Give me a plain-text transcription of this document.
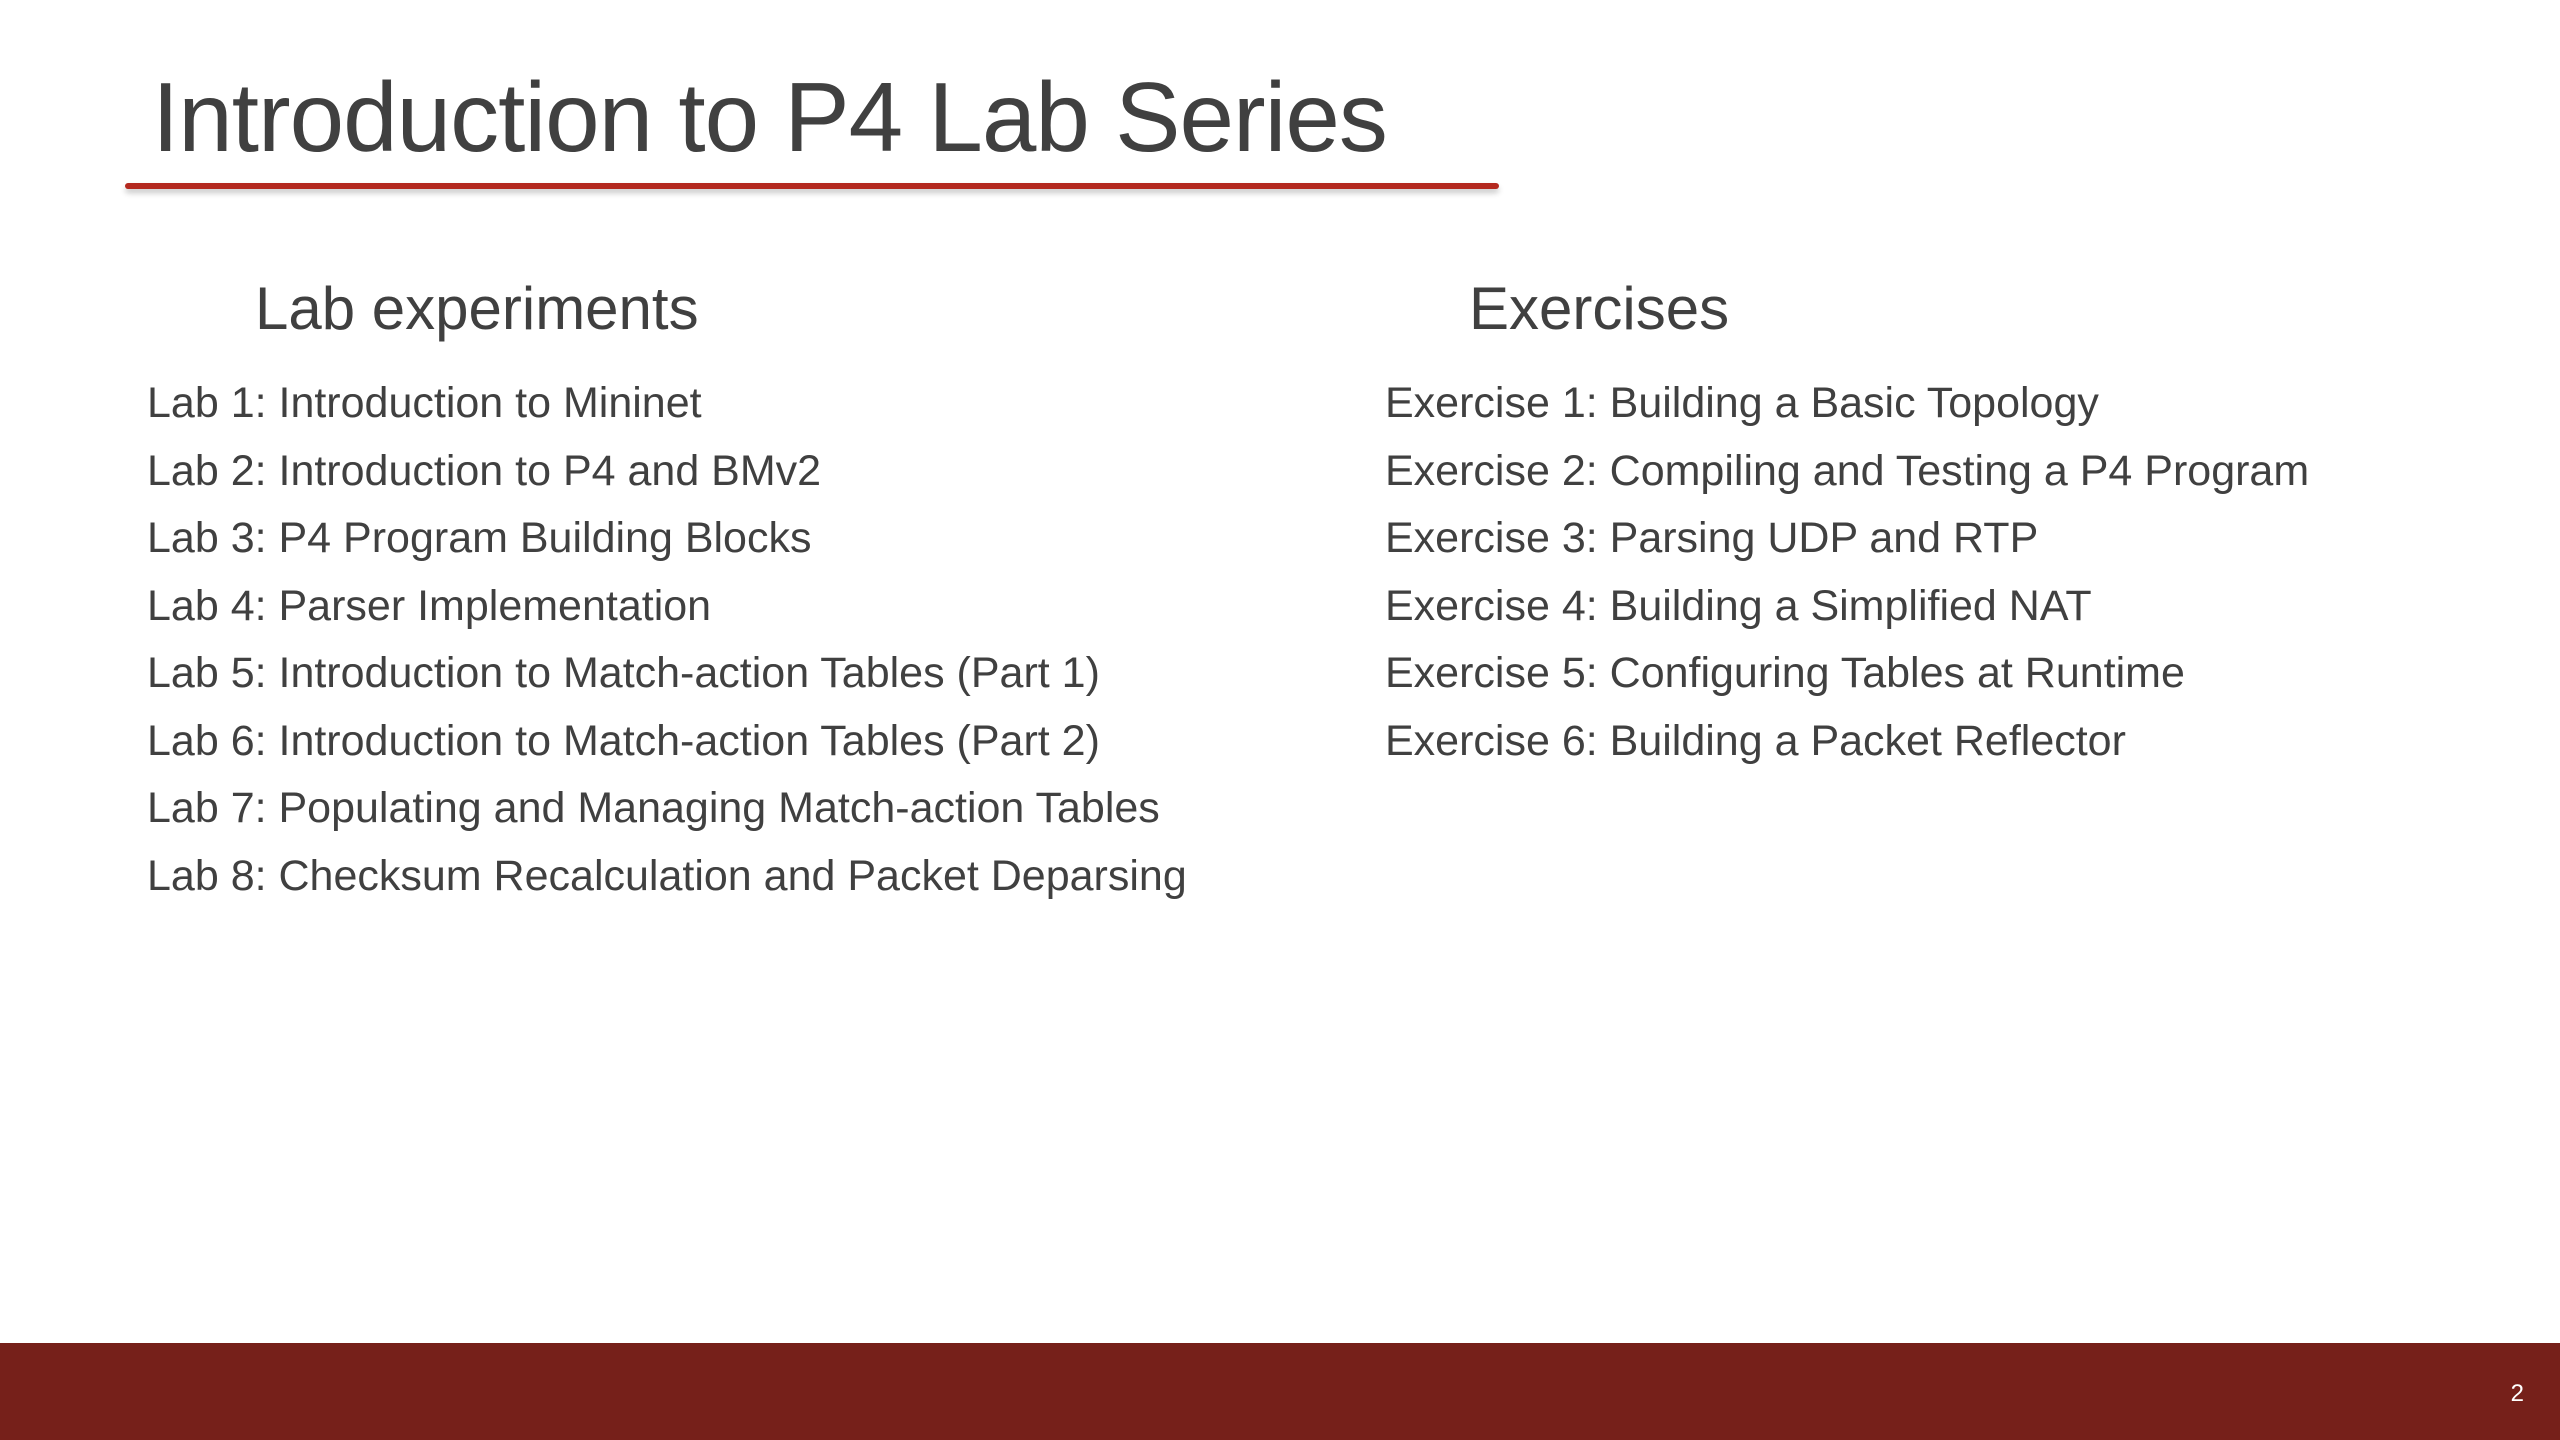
Introduction to P4 Lab Series
Lab experiments
Lab 1: Introduction to Mininet
Lab 2: Introduction to P4 and BMv2
Lab 3: P4 Program Building Blocks
Lab 4: Parser Implementation
Lab 5: Introduction to Match-action Tables (Part 1)
Lab 6: Introduction to Match-action Tables (Part 2)
Lab 7: Populating and Managing Match-action Tables
Lab 8: Checksum Recalculation and Packet Deparsing
Exercises
Exercise 1: Building a Basic Topology
Exercise 2: Compiling and Testing a P4 Program
Exercise 3: Parsing UDP and RTP
Exercise 4: Building a Simplified NAT
Exercise 5: Configuring Tables at Runtime
Exercise 6: Building a Packet Reflector
2
